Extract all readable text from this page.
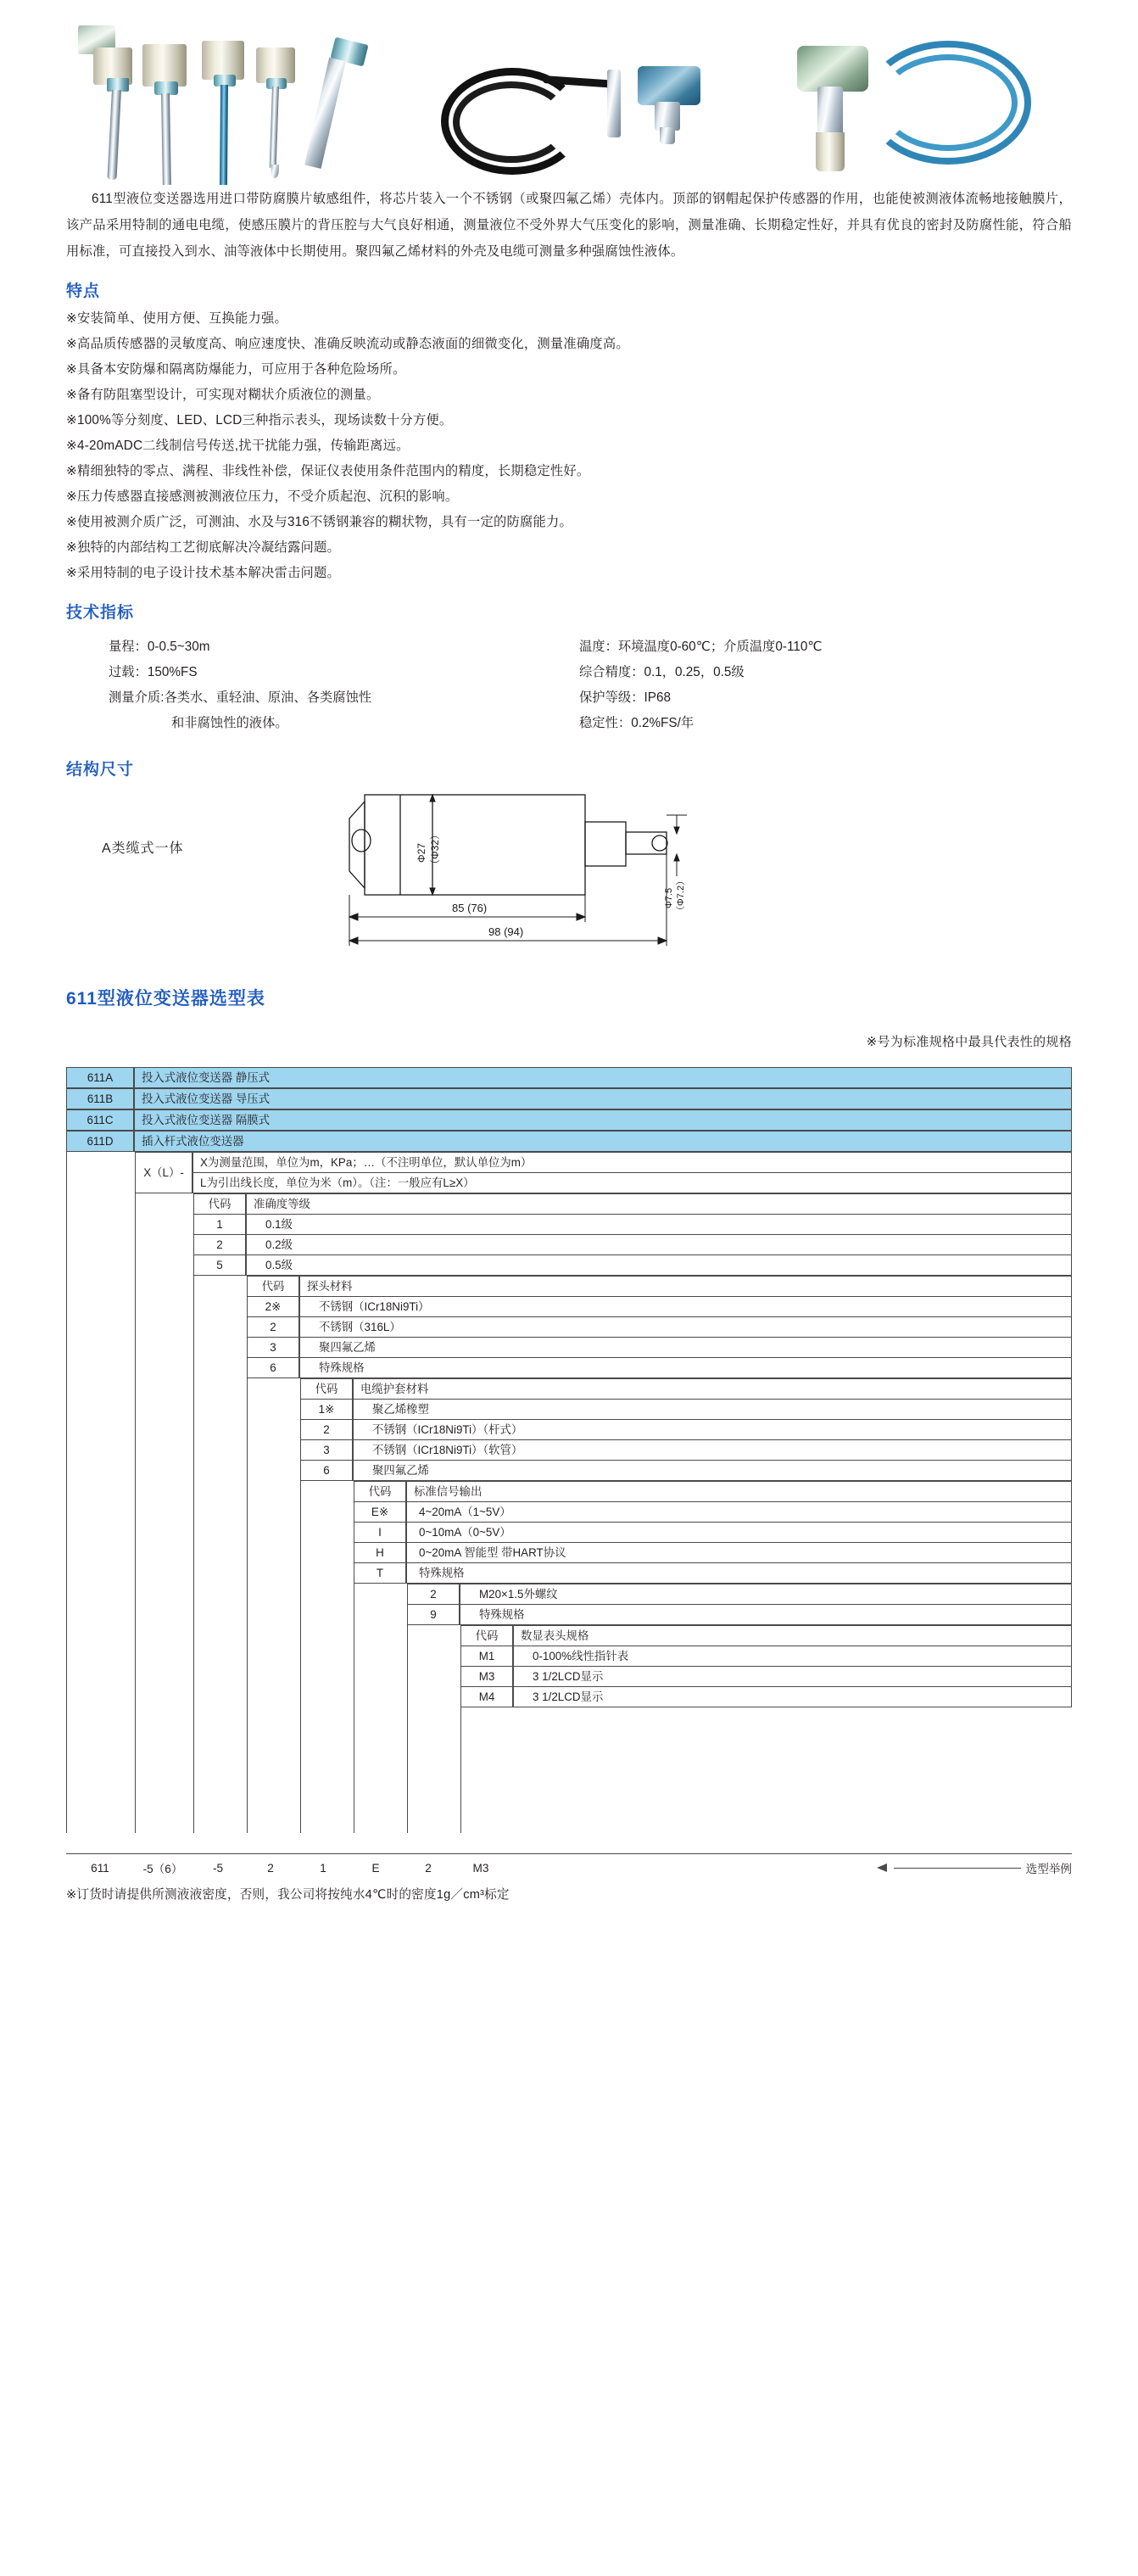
611型液位变送器选用进口带防腐膜片敏感组件，将芯片装入一个不锈钢（或聚四氟乙烯）壳体内。顶部的钢帽起保护传感器的作用，也能使被测液体流畅地接触膜片，该产品采用特制的通电电缆，使感压膜片的背压腔与大气良好相通，测量液位不受外界大气压变化的影响，测量准确、长期稳定性好，并具有优良的密封及防腐性能，符合船用标准，可直接投入到水、油等液体中长期使用。聚四氟乙烯材料的外壳及电缆可测量多种强腐蚀性液体。

特点
※安装简单、使用方便、互换能力强。
※高品质传感器的灵敏度高、响应速度快、准确反映流动或静态液面的细微变化，测量准确度高。
※具备本安防爆和隔离防爆能力，可应用于各种危险场所。
※备有防阻塞型设计，可实现对糊状介质液位的测量。
※100%等分刻度、LED、LCD三种指示表头，现场读数十分方便。
※4-20mADC二线制信号传送,扰干扰能力强，传输距离远。
※精细独特的零点、满程、非线性补偿，保证仪表使用条件范围内的精度，长期稳定性好。
※压力传感器直接感测被测液位压力，不受介质起泡、沉积的影响。
※使用被测介质广泛，可测油、水及与316不锈钢兼容的糊状物，具有一定的防腐能力。
※独特的内部结构工艺彻底解决冷凝结露问题。
※采用特制的电子设计技术基本解决雷击问题。
技术指标
量程：0-0.5~30m
过载：150%FS
测量介质:各类水、重轻油、原油、各类腐蚀性
和非腐蚀性的液体。
温度：环境温度0-60℃；介质温度0-110℃
综合精度：0.1，0.25，0.5级
保护等级：IP68
稳定性：0.2%FS/年
结构尺寸
A类缆式一体	Φ27 （Φ32）
Φ7.5 （Φ7.2）
85 (76)
98 (94)
611型液位变送器选型表
※号为标准规格中最具代表性的规格
611A	投入式液位变送器 静压式
611B	投入式液位变送器 导压式
611C	投入式液位变送器 隔膜式
611D	插入杆式液位变送器
X（L）-
X为测量范围，单位为m，KPa；…（不注明单位，默认单位为m）
L为引出线长度，单位为米（m）。（注：一般应有L≥X）
代码	准确度等级
1	0.1级
2	0.2级
5	0.5级
代码	探头材料
2※	不锈钢（ICr18Ni9Ti）
2	不锈钢（316L）
3	聚四氟乙烯
6	特殊规格
代码	电缆护套材料
1※	聚乙烯橡塑
2	不锈钢（ICr18Ni9Ti）（杆式）
3	不锈钢（ICr18Ni9Ti）（软管）
6	聚四氟乙烯
代码	标准信号输出
E※	4~20mA（1~5V）
I	0~10mA（0~5V）
H	0~20mA 智能型 带HART协议
T	特殊规格
2	M20×1.5外螺纹
9	特殊规格
代码	数显表头规格
M1	0-100%线性指针表
M3	3 1/2LCD显示
M4	3 1/2LCD显示
611	-5（6）	-5	2	1	E	2	M3	选型举例
※订货时请提供所测液液密度，否则，我公司将按纯水4℃时的密度1g／cm³标定
